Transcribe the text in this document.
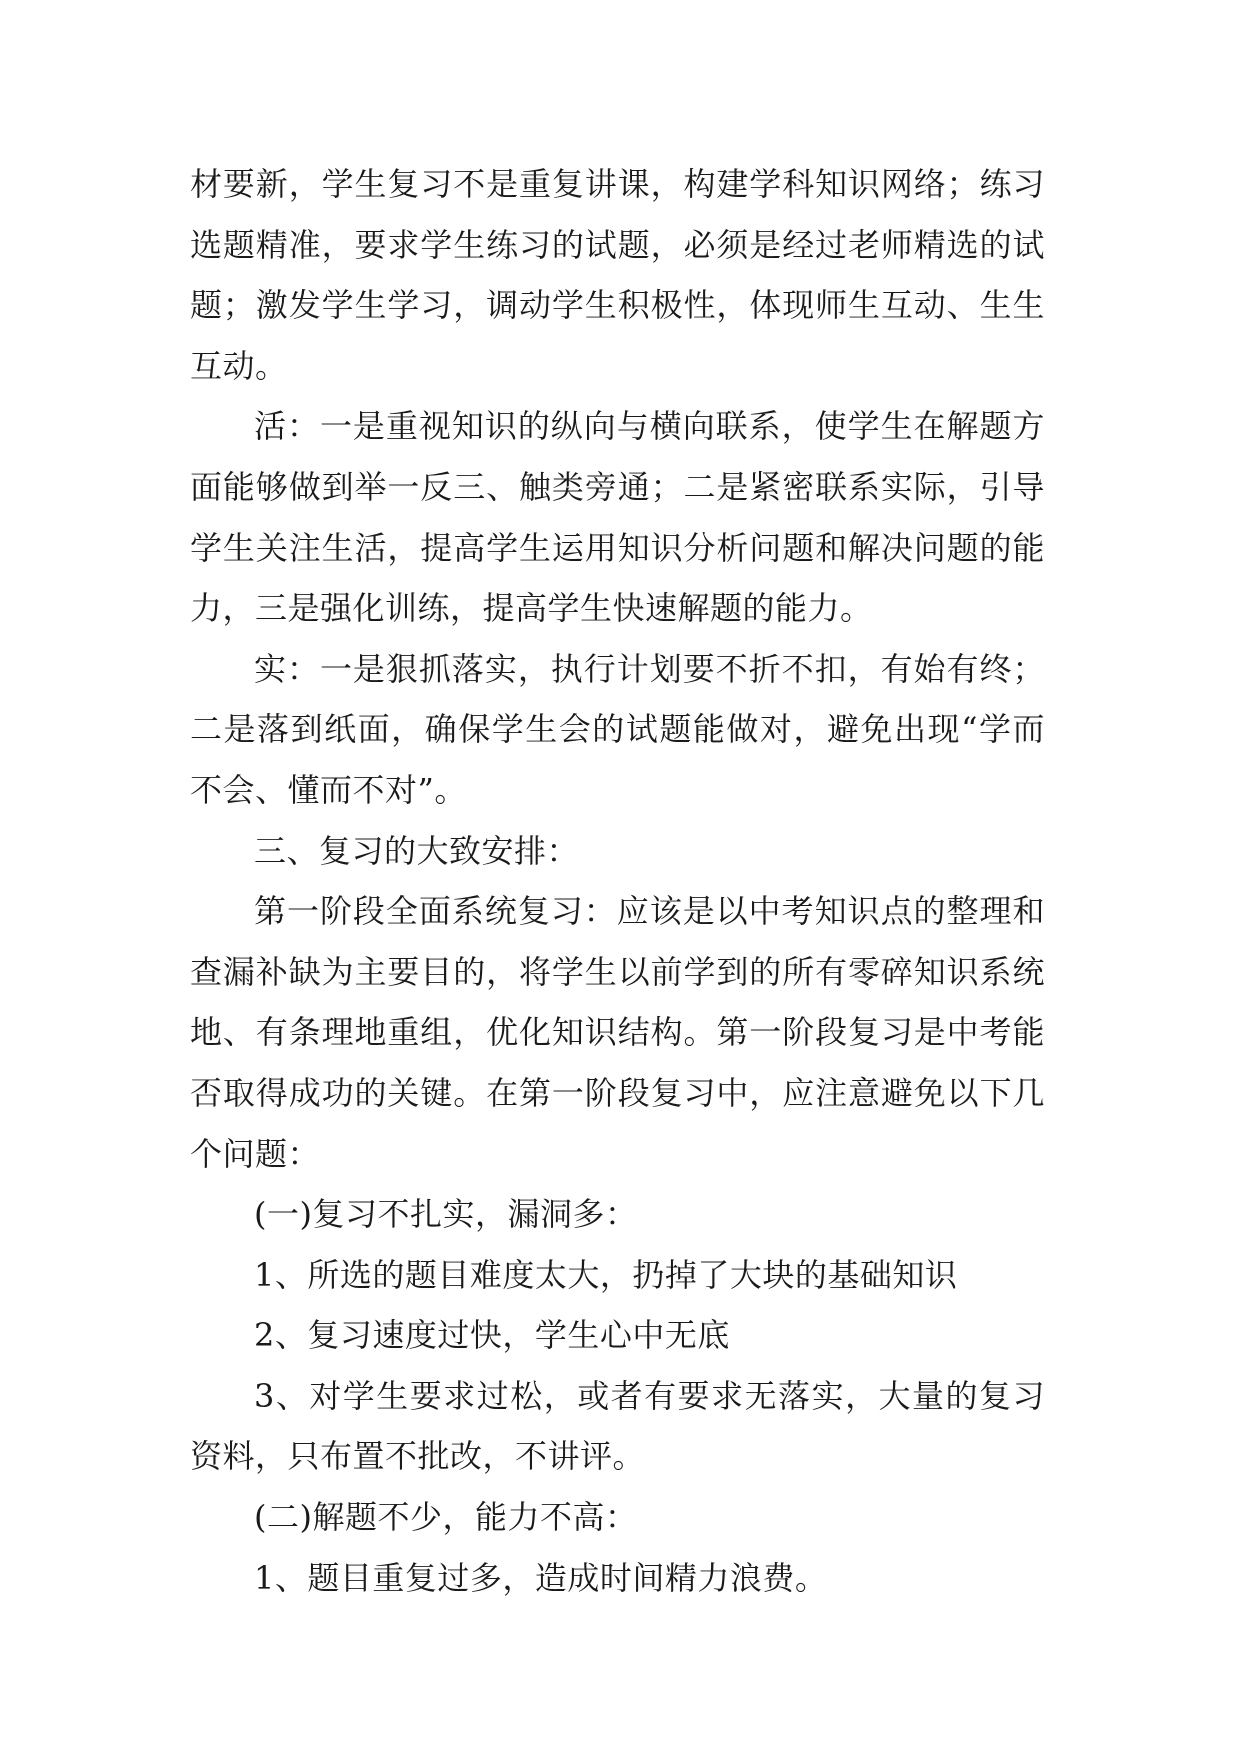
材要新，学生复习不是重复讲课，构建学科知识网络；练习选题精准，要求学生练习的试题，必须是经过老师精选的试题；激发学生学习，调动学生积极性，体现师生互动、生生互动。

活：一是重视知识的纵向与横向联系，使学生在解题方面能够做到举一反三、触类旁通；二是紧密联系实际，引导学生关注生活，提高学生运用知识分析问题和解决问题的能力，三是强化训练，提高学生快速解题的能力。

实：一是狠抓落实，执行计划要不折不扣，有始有终；二是落到纸面，确保学生会的试题能做对，避免出现“学而不会、懂而不对”。

三、复习的大致安排：

第一阶段全面系统复习：应该是以中考知识点的整理和查漏补缺为主要目的，将学生以前学到的所有零碎知识系统地、有条理地重组，优化知识结构。第一阶段复习是中考能否取得成功的关键。在第一阶段复习中，应注意避免以下几个问题：

(一)复习不扎实，漏洞多：

1、所选的题目难度太大，扔掉了大块的基础知识

2、复习速度过快，学生心中无底

3、对学生要求过松，或者有要求无落实，大量的复习资料，只布置不批改，不讲评。

(二)解题不少，能力不高：

1、题目重复过多，造成时间精力浪费。
